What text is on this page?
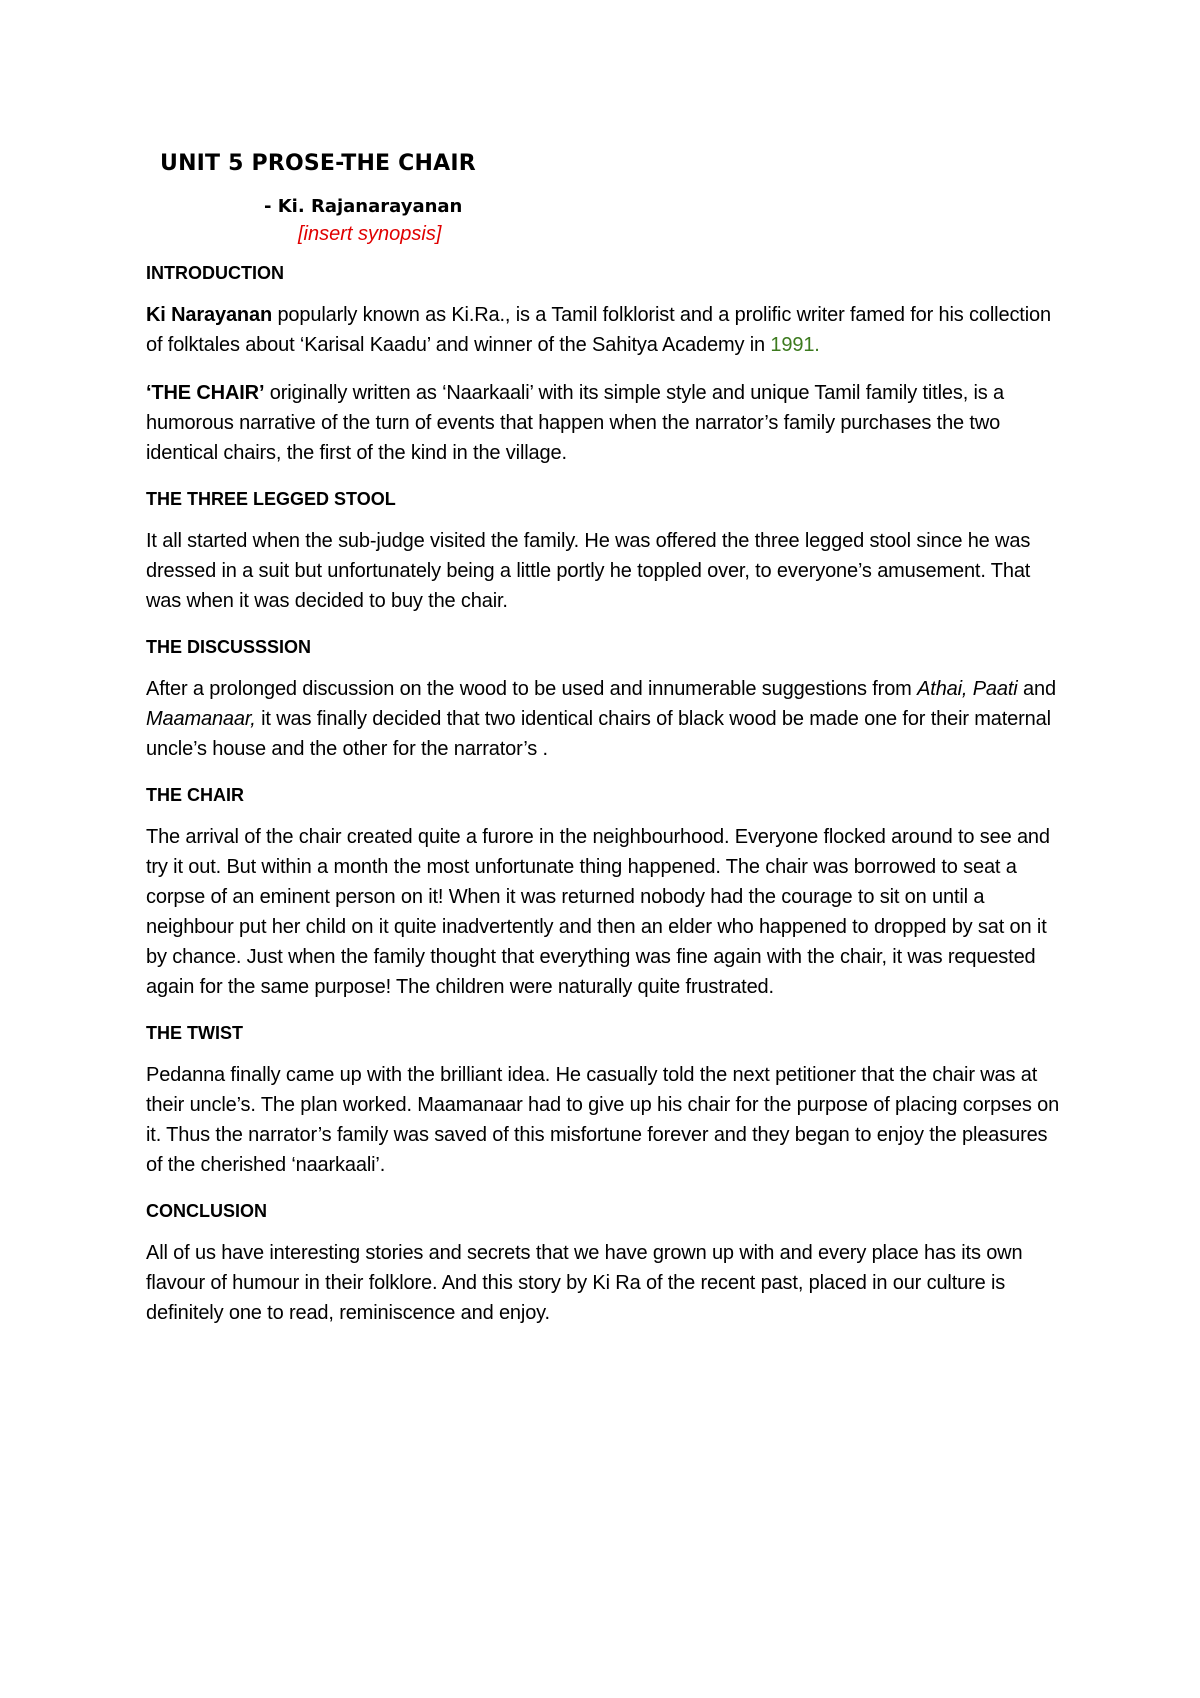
UNIT 5 PROSE-THE CHAIR
- Ki. Rajanarayanan
[insert synopsis]
INTRODUCTION

Ki Narayanan popularly known as Ki.Ra., is a Tamil folklorist and a prolific writer famed for his collection of folktales about ‘Karisal Kaadu’ and winner of the Sahitya Academy in 1991.

‘THE CHAIR’ originally written as ‘Naarkaali’ with its simple style and unique Tamil family titles, is a humorous narrative of the turn of events that happen when the narrator’s family purchases the two identical chairs, the first of the kind in the village.

THE THREE LEGGED STOOL

It all started when the sub-judge visited the family. He was offered the three legged stool since he was dressed in a suit but unfortunately being a little portly he toppled over, to everyone’s amusement. That was when it was decided to buy the chair.

THE DISCUSSSION

After a prolonged discussion on the wood to be used and innumerable suggestions from Athai, Paati and Maamanaar, it was finally decided that two identical chairs of black wood be made one for their maternal uncle’s house and the other for the narrator’s .

THE CHAIR

The arrival of the chair created quite a furore in the neighbourhood. Everyone flocked around to see and try it out. But within a month the most unfortunate thing happened. The chair was borrowed to seat a corpse of an eminent person on it! When it was returned nobody had the courage to sit on until a neighbour put her child on it quite inadvertently and then an elder who happened to dropped by sat on it by chance. Just when the family thought that everything was fine again with the chair, it was requested again for the same purpose! The children were naturally quite frustrated.

THE TWIST

Pedanna finally came up with the brilliant idea. He casually told the next petitioner that the chair was at their uncle’s. The plan worked. Maamanaar had to give up his chair for the purpose of placing corpses on it. Thus the narrator’s family was saved of this misfortune forever and they began to enjoy the pleasures of the cherished ‘naarkaali’.

CONCLUSION

All of us have interesting stories and secrets that we have grown up with and every place has its own flavour of humour in their folklore. And this story by Ki Ra of the recent past, placed in our culture is definitely one to read, reminiscence and enjoy.
